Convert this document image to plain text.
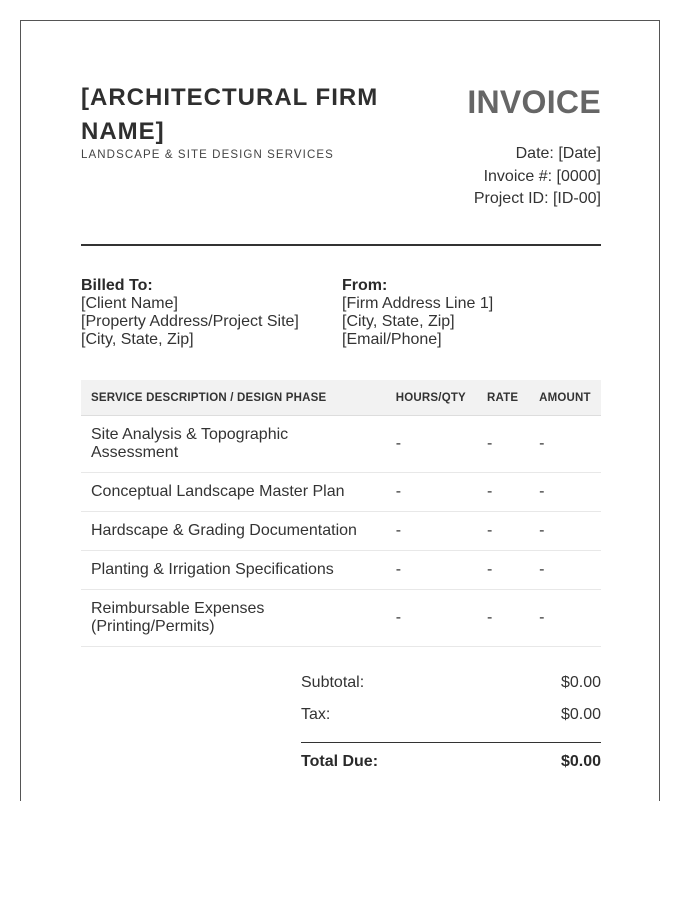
[ARCHITECTURAL FIRM NAME]
LANDSCAPE & SITE DESIGN SERVICES
INVOICE
Date: [Date]
Invoice #: [0000]
Project ID: [ID-00]
Billed To:
[Client Name]
[Property Address/Project Site]
[City, State, Zip]
From:
[Firm Address Line 1]
[City, State, Zip]
[Email/Phone]
SERVICE DESCRIPTION / DESIGN PHASE	HOURS/QTY	RATE	AMOUNT
Site Analysis & Topographic Assessment	-	-	-
Conceptual Landscape Master Plan	-	-	-
Hardscape & Grading Documentation	-	-	-
Planting & Irrigation Specifications	-	-	-
Reimbursable Expenses (Printing/Permits)	-	-	-
Subtotal:	$0.00
Tax:	$0.00
Total Due:	$0.00
